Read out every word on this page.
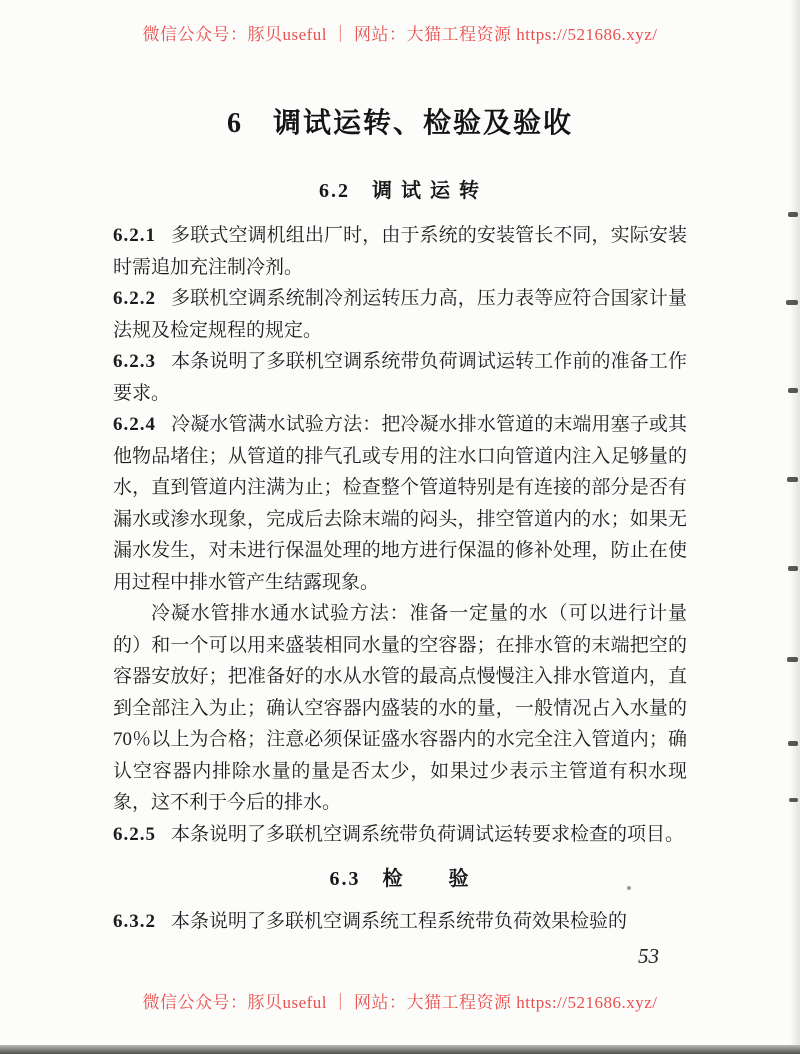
微信公众号：豚贝useful ｜ 网站：大猫工程资源 https://521686.xyz/
6　调试运转、检验及验收
6.2　调 试 运 转

6.2.1 多联式空调机组出厂时，由于系统的安装管长不同，实际安装时需追加充注制冷剂。

6.2.2 多联机空调系统制冷剂运转压力高，压力表等应符合国家计量法规及检定规程的规定。

6.2.3 本条说明了多联机空调系统带负荷调试运转工作前的准备工作要求。

6.2.4 冷凝水管满水试验方法：把冷凝水排水管道的末端用塞子或其他物品堵住；从管道的排气孔或专用的注水口向管道内注入足够量的水，直到管道内注满为止；检查整个管道特别是有连接的部分是否有漏水或渗水现象，完成后去除末端的闷头，排空管道内的水；如果无漏水发生，对未进行保温处理的地方进行保温的修补处理，防止在使用过程中排水管产生结露现象。

冷凝水管排水通水试验方法：准备一定量的水（可以进行计量的）和一个可以用来盛装相同水量的空容器；在排水管的末端把空的容器安放好；把准备好的水从水管的最高点慢慢注入排水管道内，直到全部注入为止；确认空容器内盛装的水的量，一般情况占入水量的 70％以上为合格；注意必须保证盛水容器内的水完全注入管道内；确认空容器内排除水量的量是否太少，如果过少表示主管道有积水现象，这不利于今后的排水。

6.2.5 本条说明了多联机空调系统带负荷调试运转要求检查的项目。

6.3　检　　验

6.3.2 本条说明了多联机空调系统工程系统带负荷效果检验的

53
微信公众号：豚贝useful ｜ 网站：大猫工程资源 https://521686.xyz/
